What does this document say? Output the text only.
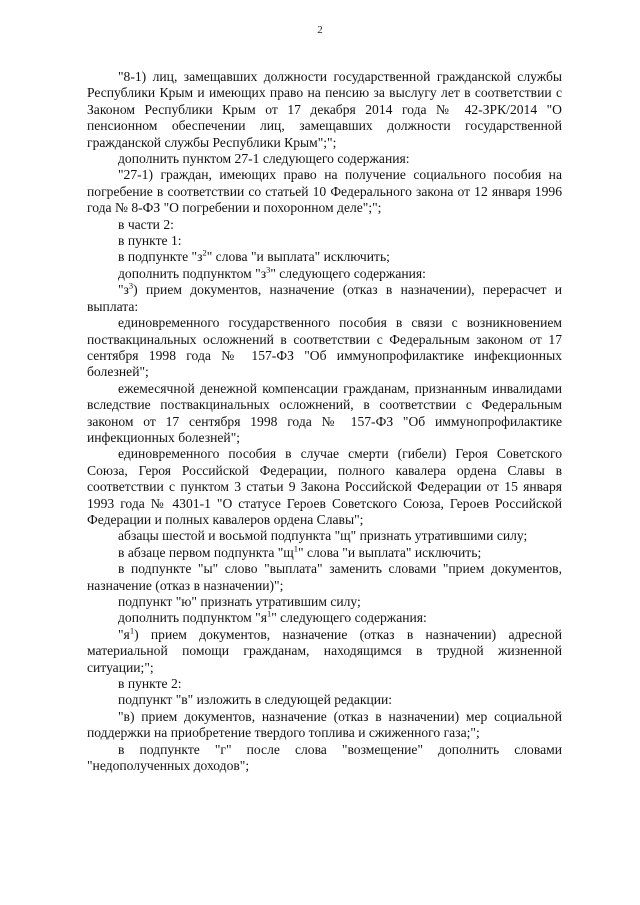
2

"8-1) лиц, замещавших должности государственной гражданской службы Республики Крым и имеющих право на пенсию за выслугу лет в соответствии с Законом Республики Крым от 17 декабря 2014 года № 42-ЗРК/2014 "О пенсионном обеспечении лиц, замещавших должности государственной гражданской службы Республики Крым";";

дополнить пунктом 27-1 следующего содержания:

"27-1) граждан, имеющих право на получение социального пособия на погребение в соответствии со статьей 10 Федерального закона от 12 января 1996 года № 8-ФЗ "О погребении и похоронном деле";";

в части 2:

в пункте 1:

в подпункте "$з^2$" слова "и выплата" исключить;

дополнить подпунктом "$з^3$" следующего содержания:

"$з^3$) прием документов, назначение (отказ в назначении), перерасчет и выплата:

единовременного государственного пособия в связи с возникновением поствакцинальных осложнений в соответствии с Федеральным законом от 17 сентября 1998 года № 157-ФЗ "Об иммунопрофилактике инфекционных болезней";

ежемесячной денежной компенсации гражданам, признанным инвалидами вследствие поствакцинальных осложнений, в соответствии с Федеральным законом от 17 сентября 1998 года № 157-ФЗ "Об иммунопрофилактике инфекционных болезней";

единовременного пособия в случае смерти (гибели) Героя Советского Союза, Героя Российской Федерации, полного кавалера ордена Славы в соответствии с пунктом 3 статьи 9 Закона Российской Федерации от 15 января 1993 года № 4301-1 "О статусе Героев Советского Союза, Героев Российской Федерации и полных кавалеров ордена Славы";

абзацы шестой и восьмой подпункта "щ" признать утратившими силу;

в абзаце первом подпункта "$щ^1$" слова "и выплата" исключить;

в подпункте "ы" слово "выплата" заменить словами "прием документов, назначение (отказ в назначении)";

подпункт "ю" признать утратившим силу;

дополнить подпунктом "$я^1$" следующего содержания:

"$я^1$) прием документов, назначение (отказ в назначении) адресной материальной помощи гражданам, находящимся в трудной жизненной ситуации;";

в пункте 2:

подпункт "в" изложить в следующей редакции:

"в) прием документов, назначение (отказ в назначении) мер социальной поддержки на приобретение твердого топлива и сжиженного газа;";

в подпункте "г" после слова "возмещение" дополнить словами "недополученных доходов";
